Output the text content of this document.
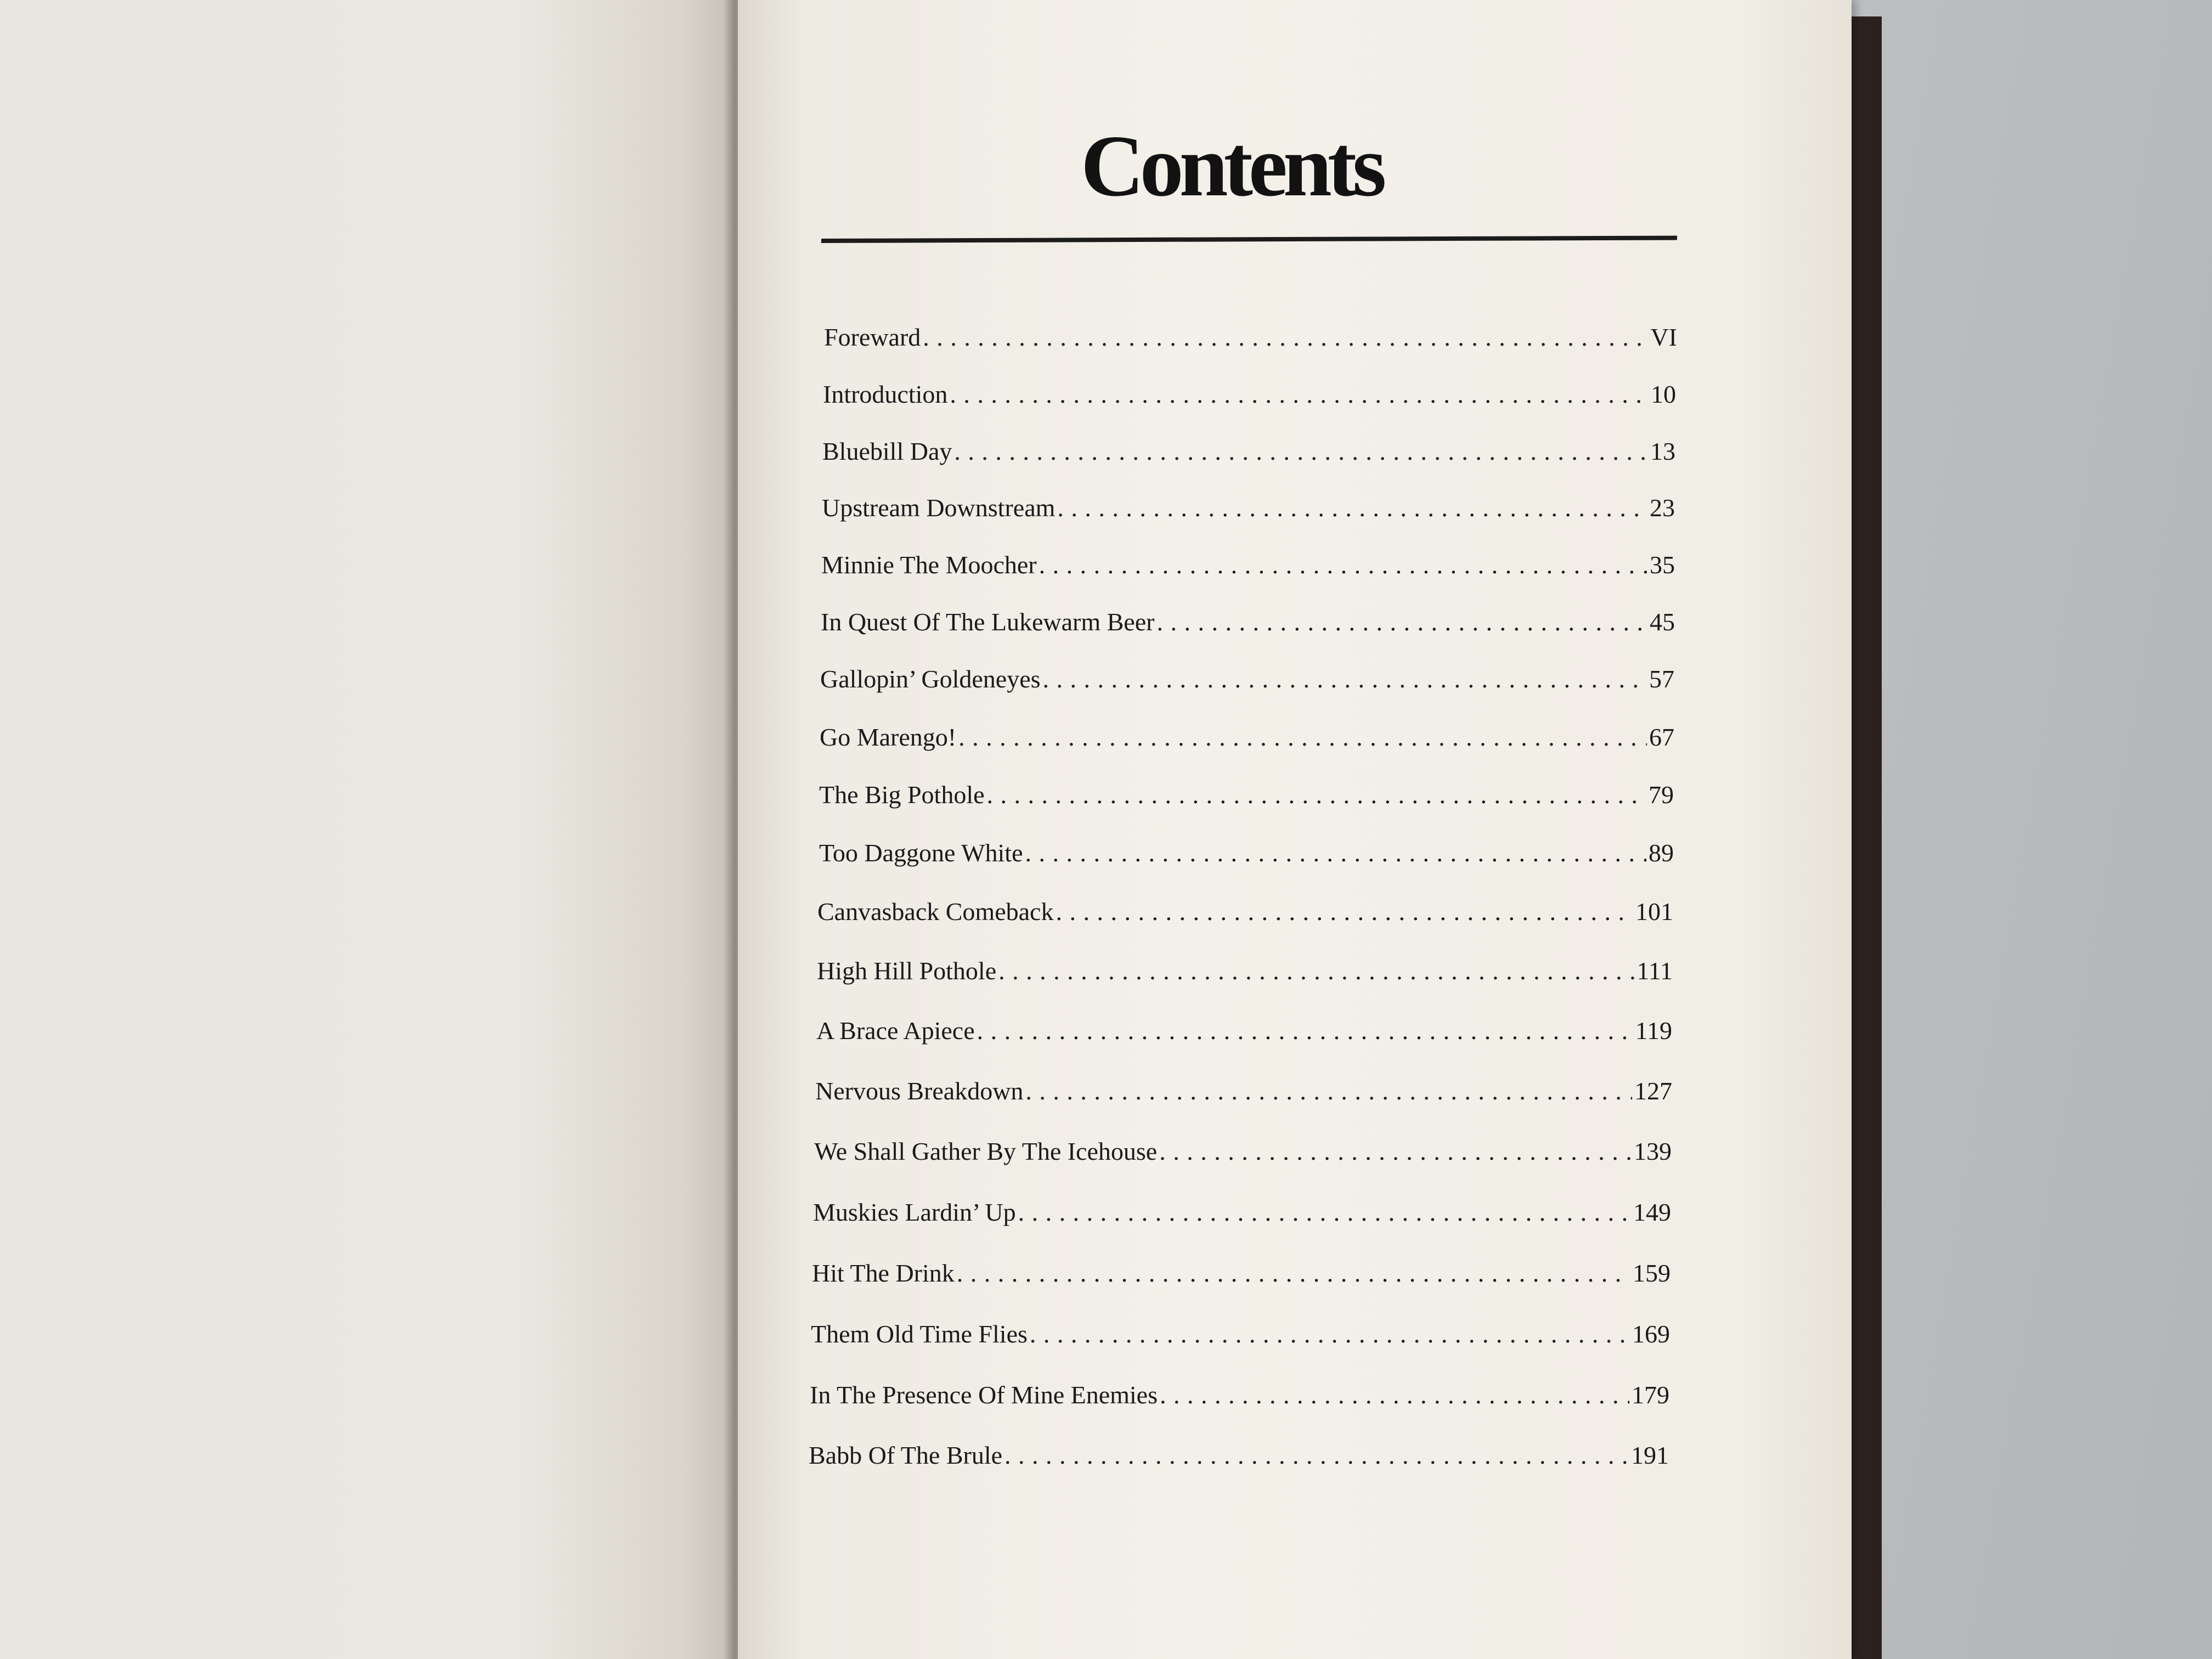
Contents
Foreward . . .	VI
Introduction . . .	10
Bluebill Day . . .	13
Upstream Downstream . . .	23
Minnie The Moocher . . .	35
In Quest Of The Lukewarm Beer . . .	45
Gallopin’ Goldeneyes . . .	57
Go Marengo! . . .	67
The Big Pothole . . .	79
Too Daggone White . . .	89
Canvasback Comeback . . .	101
High Hill Pothole . . .	111
A Brace Apiece . . .	119
Nervous Breakdown . . .	127
We Shall Gather By The Icehouse . . .	139
Muskies Lardin’ Up . . .	149
Hit The Drink . . .	159
Them Old Time Flies . . .	169
In The Presence Of Mine Enemies . . .	179
Babb Of The Brule . . .	191
